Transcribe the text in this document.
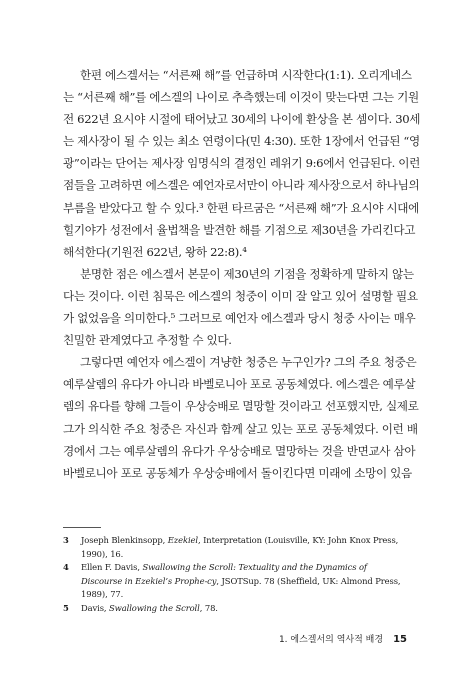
한편 에스겔서는 “서른째 해”를 언급하며 시작한다(1:1). 오리게네스
는 “서른째 해”를 에스겔의 나이로 추측했는데 이것이 맞는다면 그는 기원
전 622년 요시야 시절에 태어났고 30세의 나이에 환상을 본 셈이다. 30세
는 제사장이 될 수 있는 최소 연령이다(민 4:30). 또한 1장에서 언급된 “영
광”이라는 단어는 제사장 임명식의 결정인 레위기 9:6에서 언급된다. 이런
점들을 고려하면 에스겔은 예언자로서만이 아니라 제사장으로서 하나님의
부름을 받았다고 할 수 있다.³ 한편 타르굼은 “서른째 해”가 요시야 시대에
힐기야가 성전에서 율법책을 발견한 해를 기점으로 제30년을 가리킨다고
해석한다(기원전 622년, 왕하 22:8).⁴
분명한 점은 에스겔서 본문이 제30년의 기점을 정확하게 말하지 않는
다는 것이다. 이런 침묵은 에스겔의 청중이 이미 잘 알고 있어 설명할 필요
가 없었음을 의미한다.⁵ 그러므로 예언자 에스겔과 당시 청중 사이는 매우
친밀한 관계였다고 추정할 수 있다.
그렇다면 예언자 에스겔이 겨냥한 청중은 누구인가? 그의 주요 청중은
예루살렘의 유다가 아니라 바벨로니아 포로 공동체였다. 에스겔은 예루살
렘의 유다를 향해 그들이 우상숭배로 멸망할 것이라고 선포했지만, 실제로
그가 의식한 주요 청중은 자신과 함께 살고 있는 포로 공동체였다. 이런 배
경에서 그는 예루살렘의 유다가 우상숭배로 멸망하는 것을 반면교사 삼아
바벨로니아 포로 공동체가 우상숭배에서 돌이킨다면 미래에 소망이 있음
3	Joseph Blenkinsopp, Ezekiel, Interpretation (Louisville, KY: John Knox Press, 1990), 16.
4	Ellen F. Davis, Swallowing the Scroll: Textuality and the Dynamics of Discourse in Ezekiel’s Prophe-cy, JSOTSup. 78 (Sheffield, UK: Almond Press, 1989), 77.
5	Davis, Swallowing the Scroll, 78.
1. 에스겔서의 역사적 배경 15
